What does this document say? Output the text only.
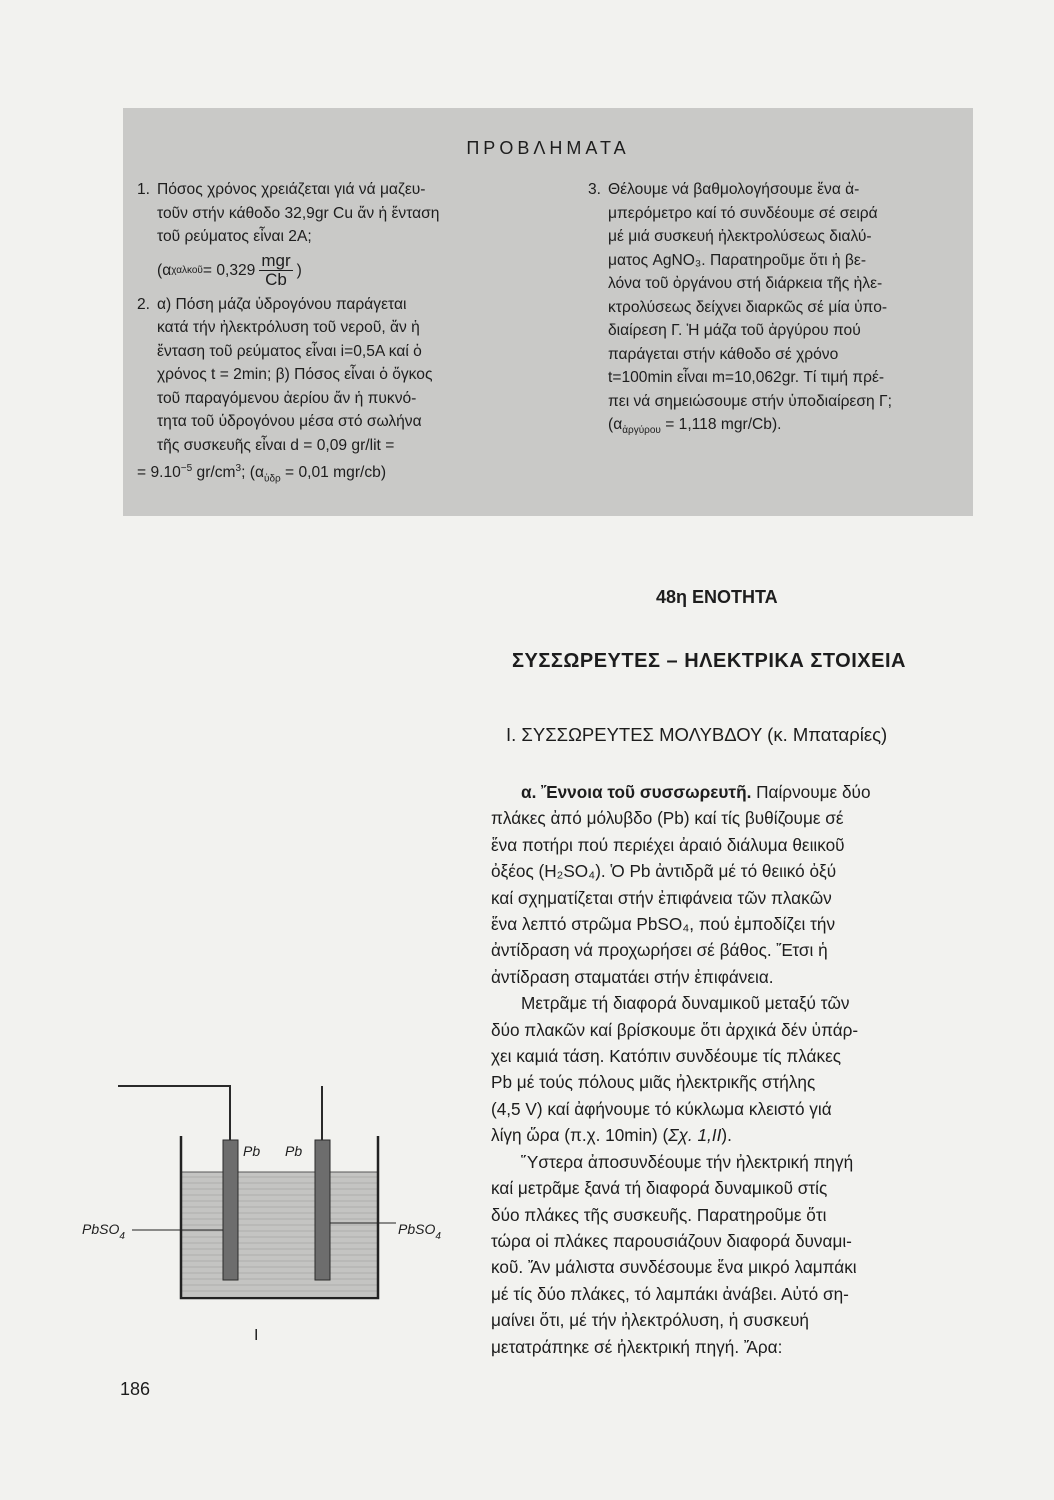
ΠΡΟΒΛΗΜΑΤΑ
1. Πόσος χρόνος χρειάζεται γιά νά μαζευ-
τοῦν στήν κάθοδο 32,9gr Cu ἄν ἡ ἔνταση
τοῦ ρεύματος εἶναι 2Α;
(α χαλκοῦ = $0,329 \frac{\text{mgr}}{Cb}$ )
2. α) Πόση μάζα ὑδρογόνου παράγεται
κατά τήν ἠλεκτρόλυση τοῦ νεροῦ, ἄν ἡ
ἔνταση τοῦ ρεύματος εἶναι i=0,5A καί ὁ
χρόνος t = 2min; β) Πόσος εἶναι ὁ ὄγκος
τοῦ παραγόμενου ἀερίου ἄν ἡ πυκνό-
τητα τοῦ ὑδρογόνου μέσα στό σωλήνα
τῆς συσκευῆς εἶναι d = 0,09 gr/lit =
= $9.10^{-5}$ $gr/cm^3$; ($\alpha_{ὑ\delta\rho} = 0,01$ mgr/cb)
3. Θέλουμε νά βαθμολογήσουμε ἕνα ἀ-
μπερόμετρο καί τό συνδέουμε σέ σειρά
μέ μιά συσκευή ἠλεκτρολύσεως διαλύ-
ματος AgNO₃. Παρατηροῦμε ὅτι ἡ βε-
λόνα τοῦ ὀργάνου στή διάρκεια τῆς ἠλε-
κτρολύσεως δείχνει διαρκῶς σέ μία ὑπο-
διαίρεση Γ. Ἡ μάζα τοῦ ἀργύρου πού
παράγεται στήν κάθοδο σέ χρόνο
t=100min εἶναι m=10,062gr. Τί τιμή πρέ-
πει νά σημειώσουμε στήν ὑποδιαίρεση Γ;
($\alpha_{ἀ\rho\gamma ύ\rho o\upsilon} = 1,118$ mgr/Cb).
48η ΕΝΟΤΗΤΑ
ΣΥΣΣΩΡΕΥΤΕΣ – ΗΛΕΚΤΡΙΚΑ ΣΤΟΙΧΕΙΑ
Ι. ΣΥΣΣΩΡΕΥΤΕΣ ΜΟΛΥΒΔΟΥ (κ. Μπαταρίες)
α. Ἔννοια τοῦ συσσωρευτῆ. Παίρνουμε δύο
πλάκες ἀπό μόλυβδο (Pb) καί τίς βυθίζουμε σέ
ἕνα ποτήρι πού περιέχει ἀραιό διάλυμα θειικοῦ
ὀξέος (H₂SO₄). Ὁ Pb ἀντιδρᾶ μέ τό θειικό ὀξύ
καί σχηματίζεται στήν ἐπιφάνεια τῶν πλακῶν
ἕνα λεπτό στρῶμα PbSO₄, πού ἐμποδίζει τήν
ἀντίδραση νά προχωρήσει σέ βάθος. Ἔτσι ἡ
ἀντίδραση σταματάει στήν ἐπιφάνεια.
Μετρᾶμε τή διαφορά δυναμικοῦ μεταξύ τῶν
δύο πλακῶν καί βρίσκουμε ὅτι ἀρχικά δέν ὑπάρ-
χει καμιά τάση. Κατόπιν συνδέουμε τίς πλάκες
Pb μέ τούς πόλους μιᾶς ἠλεκτρικῆς στήλης
(4,5 V) καί ἀφήνουμε τό κύκλωμα κλειστό γιά
λίγη ὥρα (π.χ. 10min) (Σχ. 1,II).
Ὕστερα ἀποσυνδέουμε τήν ἠλεκτρική πηγή
καί μετρᾶμε ξανά τή διαφορά δυναμικοῦ στίς
δύο πλάκες τῆς συσκευῆς. Παρατηροῦμε ὅτι
τώρα οἱ πλάκες παρουσιάζουν διαφορά δυναμι-
κοῦ. Ἄν μάλιστα συνδέσουμε ἕνα μικρό λαμπάκι
μέ τίς δύο πλάκες, τό λαμπάκι ἀνάβει. Αὐτό ση-
μαίνει ὅτι, μέ τήν ἠλεκτρόλυση, ἡ συσκευή
μετατράπηκε σέ ἠλεκτρική πηγή. Ἄρα:
Pb Pb
PbSO$_4$	PbSO$_4$
I
186
